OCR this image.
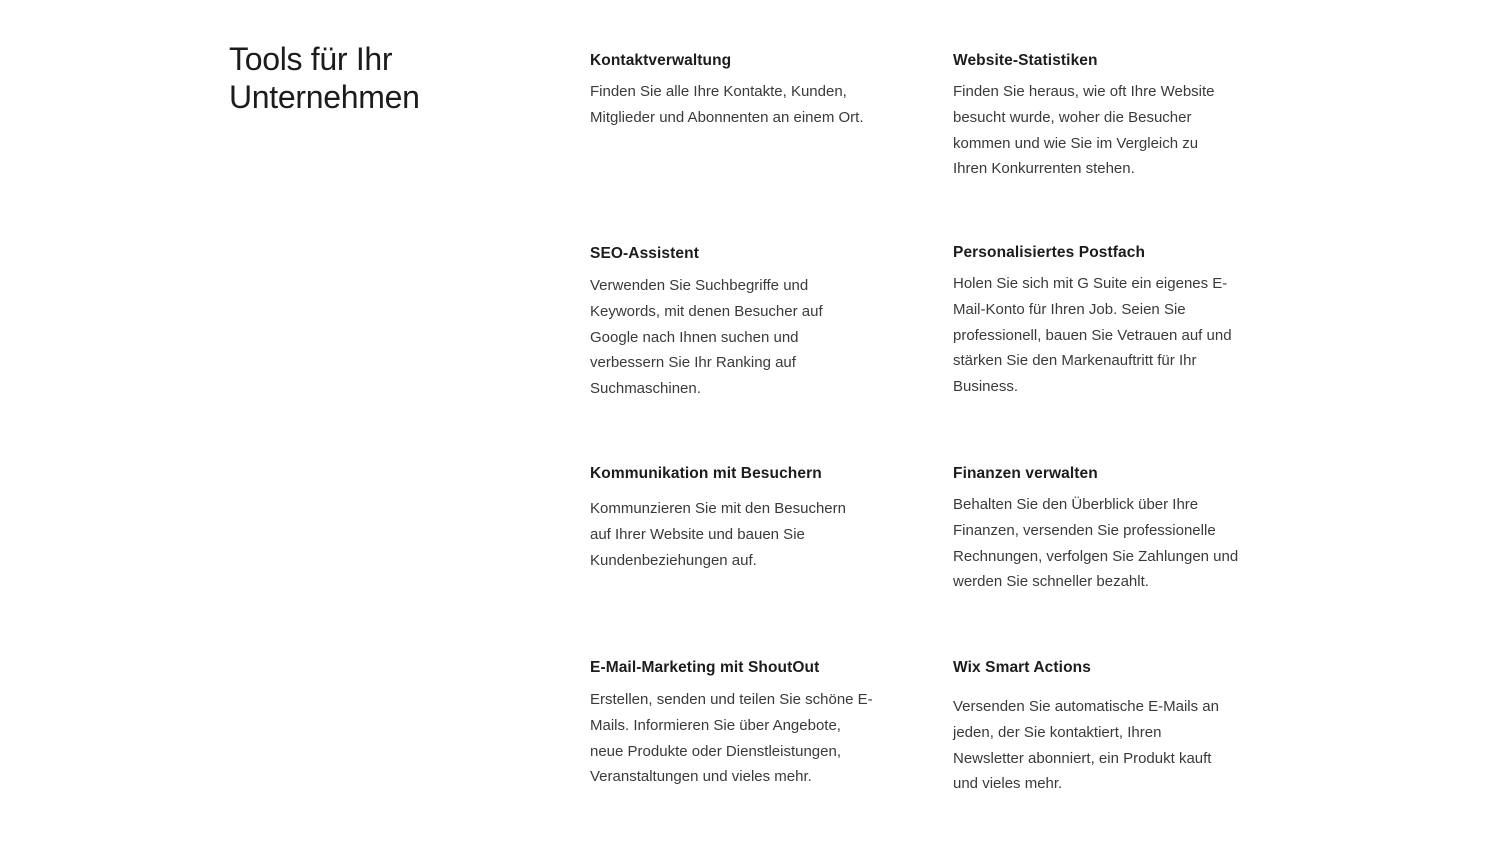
Tools für Ihr Unternehmen
Kontaktverwaltung

Finden Sie alle Ihre Kontakte, Kunden, Mitglieder und Abonnenten an einem Ort.

Website-Statistiken

Finden Sie heraus, wie oft Ihre Website besucht wurde, woher die Besucher kommen und wie Sie im Vergleich zu Ihren Konkurrenten stehen.

SEO-Assistent

Verwenden Sie Suchbegriffe und Keywords, mit denen Besucher auf Google nach Ihnen suchen und verbessern Sie Ihr Ranking auf Suchmaschinen.

Personalisiertes Postfach

Holen Sie sich mit G Suite ein eigenes E-Mail-Konto für Ihren Job. Seien Sie professionell, bauen Sie Vetrauen auf und stärken Sie den Markenauftritt für Ihr Business.

Kommunikation mit Besuchern

Kommunzieren Sie mit den Besuchern auf Ihrer Website und bauen Sie Kundenbeziehungen auf.

Finanzen verwalten

Behalten Sie den Überblick über Ihre Finanzen, versenden Sie professionelle Rechnungen, verfolgen Sie Zahlungen und werden Sie schneller bezahlt.

E-Mail-Marketing mit ShoutOut

Erstellen, senden und teilen Sie schöne E-Mails. Informieren Sie über Angebote, neue Produkte oder Dienstleistungen, Veranstaltungen und vieles mehr.

Wix Smart Actions

Versenden Sie automatische E-Mails an jeden, der Sie kontaktiert, Ihren Newsletter abonniert, ein Produkt kauft und vieles mehr.
